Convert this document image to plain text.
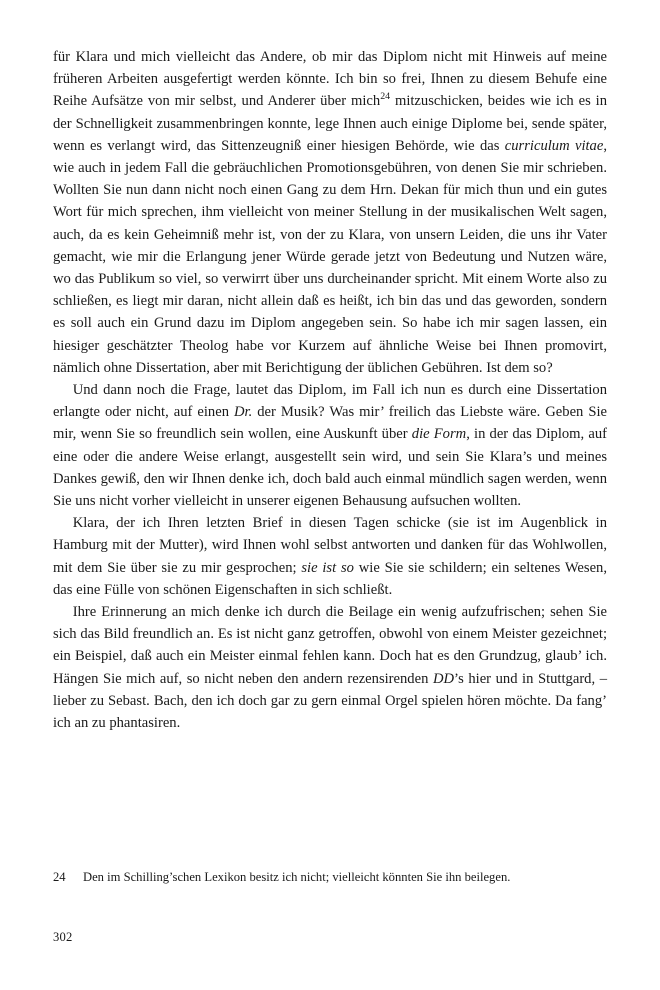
für Klara und mich vielleicht das Andere, ob mir das Diplom nicht mit Hinweis auf meine früheren Arbeiten ausgefertigt werden könnte. Ich bin so frei, Ihnen zu diesem Behufe eine Reihe Aufsätze von mir selbst, und Anderer über mich$^{24}$ mitzuschicken, beides wie ich es in der Schnelligkeit zusammenbringen konnte, lege Ihnen auch einige Diplome bei, sende später, wenn es verlangt wird, das Sittenzeugniß einer hiesigen Behörde, wie das curriculum vitae, wie auch in jedem Fall die gebräuchlichen Promotionsgebühren, von denen Sie mir schrieben. Wollten Sie nun dann nicht noch einen Gang zu dem Hrn. Dekan für mich thun und ein gutes Wort für mich sprechen, ihm vielleicht von meiner Stellung in der musikalischen Welt sagen, auch, da es kein Geheimniß mehr ist, von der zu Klara, von unsern Leiden, die uns ihr Vater gemacht, wie mir die Erlangung jener Würde gerade jetzt von Bedeutung und Nutzen wäre, wo das Publikum so viel, so verwirrt über uns durcheinander spricht. Mit einem Worte also zu schließen, es liegt mir daran, nicht allein daß es heißt, ich bin das und das geworden, sondern es soll auch ein Grund dazu im Diplom angegeben sein. So habe ich mir sagen lassen, ein hiesiger geschätzter Theolog habe vor Kurzem auf ähnliche Weise bei Ihnen promovirt, nämlich ohne Dissertation, aber mit Berichtigung der üblichen Gebühren. Ist dem so?

Und dann noch die Frage, lautet das Diplom, im Fall ich nun es durch eine Dissertation erlangte oder nicht, auf einen Dr. der Musik? Was mir’ freilich das Liebste wäre. Geben Sie mir, wenn Sie so freundlich sein wollen, eine Auskunft über die Form, in der das Diplom, auf eine oder die andere Weise erlangt, ausgestellt sein wird, und sein Sie Klara’s und meines Dankes gewiß, den wir Ihnen denke ich, doch bald auch einmal mündlich sagen werden, wenn Sie uns nicht vorher vielleicht in unserer eigenen Behausung aufsuchen wollten.

Klara, der ich Ihren letzten Brief in diesen Tagen schicke (sie ist im Augenblick in Hamburg mit der Mutter), wird Ihnen wohl selbst antworten und danken für das Wohlwollen, mit dem Sie über sie zu mir gesprochen; sie ist so wie Sie sie schildern; ein seltenes Wesen, das eine Fülle von schönen Eigenschaften in sich schließt.

Ihre Erinnerung an mich denke ich durch die Beilage ein wenig aufzufrischen; sehen Sie sich das Bild freundlich an. Es ist nicht ganz getroffen, obwohl von einem Meister gezeichnet; ein Beispiel, daß auch ein Meister einmal fehlen kann. Doch hat es den Grundzug, glaub’ ich. Hängen Sie mich auf, so nicht neben den andern rezensirenden DD’s hier und in Stuttgard, – lieber zu Sebast. Bach, den ich doch gar zu gern einmal Orgel spielen hören möchte. Da fang’ ich an zu phantasiren.

24	Den im Schilling’schen Lexikon besitz ich nicht; vielleicht könnten Sie ihn beilegen.
302
